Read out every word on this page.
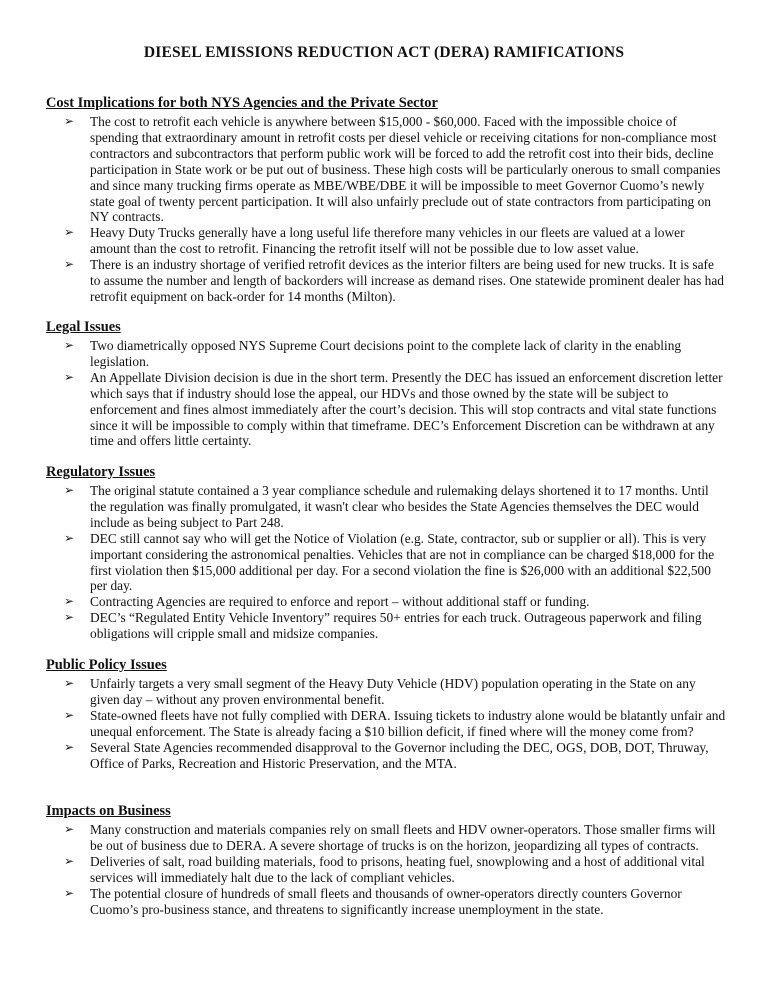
DIESEL EMISSIONS REDUCTION ACT (DERA) RAMIFICATIONS
Cost Implications for both NYS Agencies and the Private Sector
➢ The cost to retrofit each vehicle is anywhere between $15,000 - $60,000. Faced with the impossible choice of spending that extraordinary amount in retrofit costs per diesel vehicle or receiving citations for non-compliance most contractors and subcontractors that perform public work will be forced to add the retrofit cost into their bids, decline participation in State work or be put out of business. These high costs will be particularly onerous to small companies and since many trucking firms operate as MBE/WBE/DBE it will be impossible to meet Governor Cuomo’s newly state goal of twenty percent participation. It will also unfairly preclude out of state contractors from participating on NY contracts.
➢ Heavy Duty Trucks generally have a long useful life therefore many vehicles in our fleets are valued at a lower amount than the cost to retrofit. Financing the retrofit itself will not be possible due to low asset value.
➢ There is an industry shortage of verified retrofit devices as the interior filters are being used for new trucks. It is safe to assume the number and length of backorders will increase as demand rises. One statewide prominent dealer has had retrofit equipment on back-order for 14 months (Milton).
Legal Issues
➢ Two diametrically opposed NYS Supreme Court decisions point to the complete lack of clarity in the enabling legislation.
➢ An Appellate Division decision is due in the short term. Presently the DEC has issued an enforcement discretion letter which says that if industry should lose the appeal, our HDVs and those owned by the state will be subject to enforcement and fines almost immediately after the court’s decision. This will stop contracts and vital state functions since it will be impossible to comply within that timeframe. DEC’s Enforcement Discretion can be withdrawn at any time and offers little certainty.
Regulatory Issues
➢ The original statute contained a 3 year compliance schedule and rulemaking delays shortened it to 17 months. Until the regulation was finally promulgated, it wasn't clear who besides the State Agencies themselves the DEC would include as being subject to Part 248.
➢ DEC still cannot say who will get the Notice of Violation (e.g. State, contractor, sub or supplier or all). This is very important considering the astronomical penalties. Vehicles that are not in compliance can be charged $18,000 for the first violation then $15,000 additional per day. For a second violation the fine is $26,000 with an additional $22,500 per day.
➢ Contracting Agencies are required to enforce and report – without additional staff or funding.
➢ DEC’s “Regulated Entity Vehicle Inventory” requires 50+ entries for each truck. Outrageous paperwork and filing obligations will cripple small and midsize companies.
Public Policy Issues
➢ Unfairly targets a very small segment of the Heavy Duty Vehicle (HDV) population operating in the State on any given day – without any proven environmental benefit.
➢ State-owned fleets have not fully complied with DERA. Issuing tickets to industry alone would be blatantly unfair and unequal enforcement. The State is already facing a $10 billion deficit, if fined where will the money come from?
➢ Several State Agencies recommended disapproval to the Governor including the DEC, OGS, DOB, DOT, Thruway, Office of Parks, Recreation and Historic Preservation, and the MTA.
Impacts on Business
➢ Many construction and materials companies rely on small fleets and HDV owner-operators. Those smaller firms will be out of business due to DERA. A severe shortage of trucks is on the horizon, jeopardizing all types of contracts.
➢ Deliveries of salt, road building materials, food to prisons, heating fuel, snowplowing and a host of additional vital services will immediately halt due to the lack of compliant vehicles.
➢ The potential closure of hundreds of small fleets and thousands of owner-operators directly counters Governor Cuomo’s pro-business stance, and threatens to significantly increase unemployment in the state.
